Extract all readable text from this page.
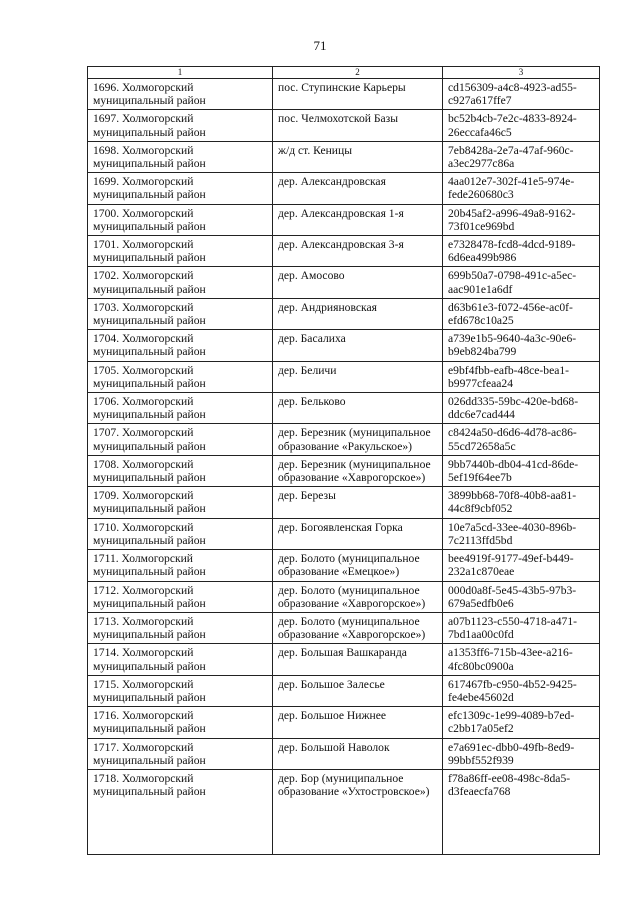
71
1	2	3
1696. Холмогорский муниципальный район	пос. Ступинские Карьеры	cd156309-a4c8-4923-ad55-c927a617ffe7
1697. Холмогорский муниципальный район	пос. Челмохотской Базы	bc52b4cb-7e2c-4833-8924-26eccafa46c5
1698. Холмогорский муниципальный район	ж/д ст. Кеницы	7eb8428a-2e7a-47af-960c-a3ec2977c86a
1699. Холмогорский муниципальный район	дер. Александровская	4aa012e7-302f-41e5-974e-fede260680c3
1700. Холмогорский муниципальный район	дер. Александровская 1-я	20b45af2-a996-49a8-9162-73f01ce969bd
1701. Холмогорский муниципальный район	дер. Александровская 3-я	e7328478-fcd8-4dcd-9189-6d6ea499b986
1702. Холмогорский муниципальный район	дер. Амосово	699b50a7-0798-491c-a5ec-aac901e1a6df
1703. Холмогорский муниципальный район	дер. Андрияновская	d63b61e3-f072-456e-ac0f-efd678c10a25
1704. Холмогорский муниципальный район	дер. Басалиха	a739e1b5-9640-4a3c-90e6-b9eb824ba799
1705. Холмогорский муниципальный район	дер. Беличи	e9bf4fbb-eafb-48ce-bea1-b9977cfeaa24
1706. Холмогорский муниципальный район	дер. Бельково	026dd335-59bc-420e-bd68-ddc6e7cad444
1707. Холмогорский муниципальный район	дер. Березник (муниципальное образование «Ракульское»)	c8424a50-d6d6-4d78-ac86-55cd72658a5c
1708. Холмогорский муниципальный район	дер. Березник (муниципальное образование «Хаврогорское»)	9bb7440b-db04-41cd-86de-5ef19f64ee7b
1709. Холмогорский муниципальный район	дер. Березы	3899bb68-70f8-40b8-aa81-44c8f9cbf052
1710. Холмогорский муниципальный район	дер. Богоявленская Горка	10e7a5cd-33ee-4030-896b-7c2113ffd5bd
1711. Холмогорский муниципальный район	дер. Болото (муниципальное образование «Емецкое»)	bee4919f-9177-49ef-b449-232a1c870eae
1712. Холмогорский муниципальный район	дер. Болото (муниципальное образование «Хаврогорское»)	000d0a8f-5e45-43b5-97b3-679a5edfb0e6
1713. Холмогорский муниципальный район	дер. Болото (муниципальное образование «Хаврогорское»)	a07b1123-c550-4718-a471-7bd1aa00c0fd
1714. Холмогорский муниципальный район	дер. Большая Вашкаранда	a1353ff6-715b-43ee-a216-4fc80bc0900a
1715. Холмогорский муниципальный район	дер. Большое Залесье	617467fb-c950-4b52-9425-fe4ebe45602d
1716. Холмогорский муниципальный район	дер. Большое Нижнее	efc1309c-1e99-4089-b7ed-c2bb17a05ef2
1717. Холмогорский муниципальный район	дер. Большой Наволок	e7a691ec-dbb0-49fb-8ed9-99bbf552f939
1718. Холмогорский муниципальный район	дер. Бор (муниципальное образование «Ухтостровское»)	f78a86ff-ee08-498c-8da5-d3feaecfa768
